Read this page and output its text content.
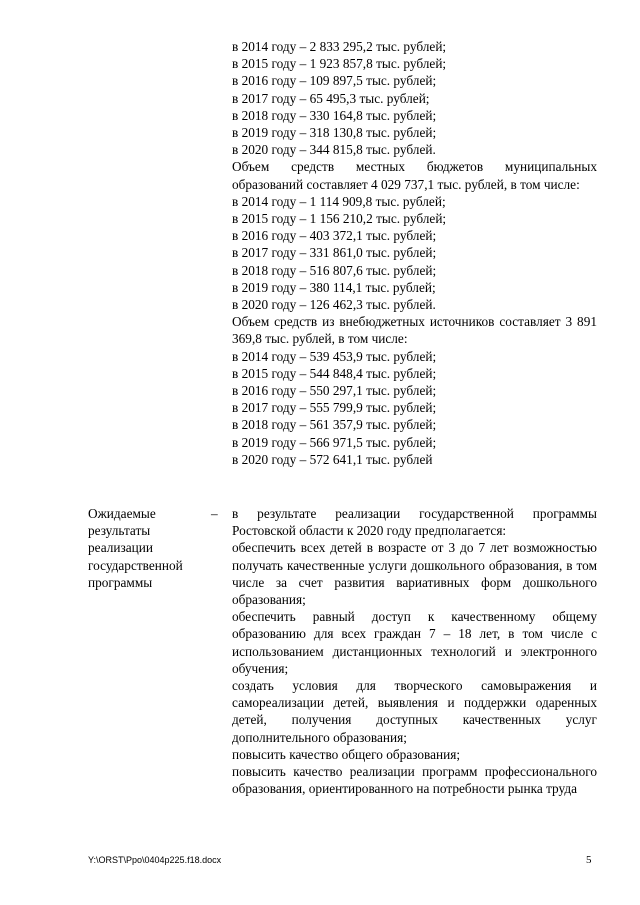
в 2014 году – 2 833 295,2 тыс. рублей;
в 2015 году – 1 923 857,8 тыс. рублей;
в 2016 году – 109 897,5 тыс. рублей;
в 2017 году – 65 495,3 тыс. рублей;
в 2018 году – 330 164,8 тыс. рублей;
в 2019 году – 318 130,8 тыс. рублей;
в 2020 году – 344 815,8 тыс. рублей.
Объем средств местных бюджетов муниципальных образований составляет 4 029 737,1 тыс. рублей, в том числе:
в 2014 году – 1 114 909,8 тыс. рублей;
в 2015 году – 1 156 210,2 тыс. рублей;
в 2016 году – 403 372,1 тыс. рублей;
в 2017 году – 331 861,0 тыс. рублей;
в 2018 году – 516 807,6 тыс. рублей;
в 2019 году – 380 114,1 тыс. рублей;
в 2020 году – 126 462,3 тыс. рублей.
Объем средств из внебюджетных источников составляет 3 891 369,8 тыс. рублей, в том числе:
в 2014 году – 539 453,9 тыс. рублей;
в 2015 году – 544 848,4 тыс. рублей;
в 2016 году – 550 297,1 тыс. рублей;
в 2017 году – 555 799,9 тыс. рублей;
в 2018 году – 561 357,9 тыс. рублей;
в 2019 году – 566 971,5 тыс. рублей;
в 2020 году – 572 641,1 тыс. рублей
Ожидаемые результаты реализации государственной программы
– в результате реализации государственной программы Ростовской области к 2020 году предполагается:

обеспечить всех детей в возрасте от 3 до 7 лет возможностью получать качественные услуги дошкольного образования, в том числе за счет развития вариативных форм дошкольного образования;

обеспечить равный доступ к качественному общему образованию для всех граждан 7 – 18 лет, в том числе с использованием дистанционных технологий и электронного обучения;

создать условия для творческого самовыражения и самореализации детей, выявления и поддержки одаренных детей, получения доступных качественных услуг дополнительного образования;

повысить качество общего образования;

повысить качество реализации программ профессионального образования, ориентированного на потребности рынка труда

Y:\ORST\Ppo\0404p225.f18.docx	5
